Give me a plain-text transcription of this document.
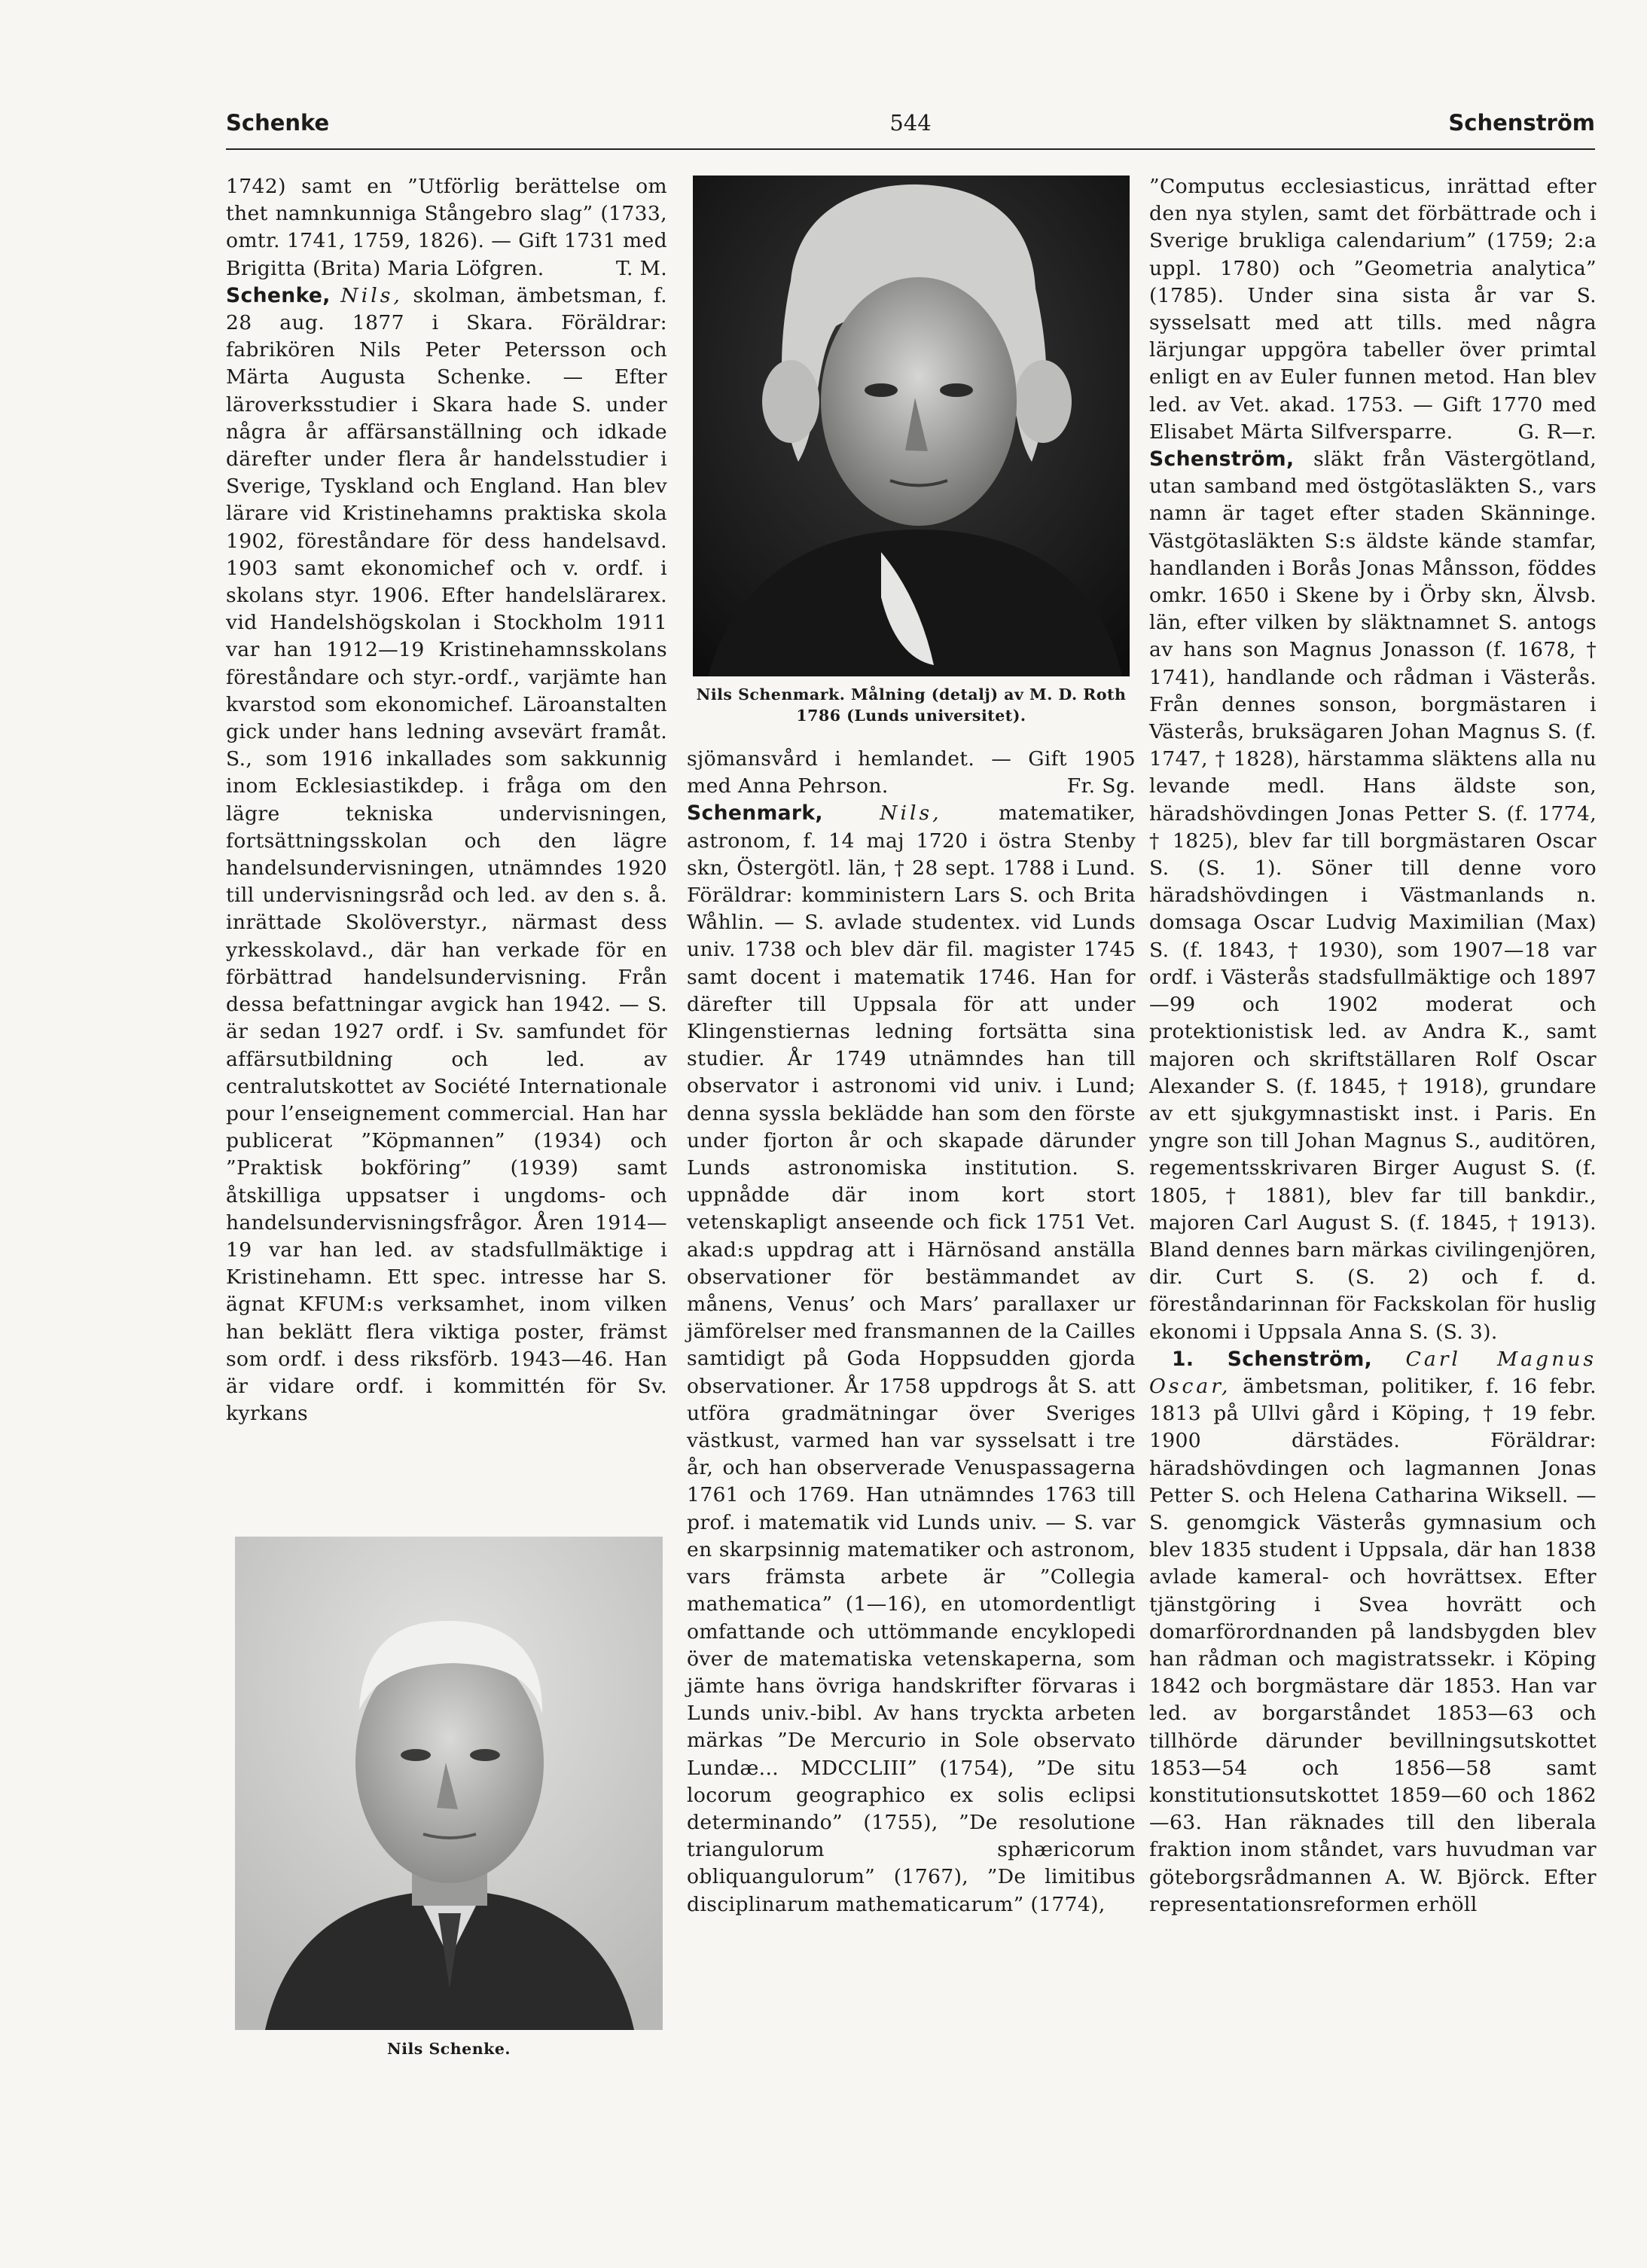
544
Schenke	Schenström

1742) samt en ”Utförlig berättelse om thet namnkunniga Stångebro slag” (1733, omtr. 1741, 1759, 1826). — Gift 1731 med Brigitta (Brita) Maria Löfgren.	T. M.

Schenke, Nils, skolman, ämbetsman, f. 28 aug. 1877 i Skara. Föräldrar: fabrikören Nils Peter Petersson och Märta Augusta Schenke. — Efter läroverksstudier i Skara hade S. under några år affärsanställning och idkade därefter under flera år handelsstudier i Sverige, Tyskland och England. Han blev lärare vid Kristinehamns praktiska skola 1902, föreståndare för dess handelsavd. 1903 samt ekonomichef och v. ordf. i skolans styr. 1906. Efter handelslärarex. vid Handelshögskolan i Stockholm 1911 var han 1912—19 Kristinehamnsskolans föreståndare och styr.-ordf., varjämte han kvarstod som ekonomichef. Läroanstalten gick under hans ledning avsevärt framåt. S., som 1916 inkallades som sakkunnig inom Ecklesiastikdep. i fråga om den lägre tekniska undervisningen, fortsättningsskolan och den lägre handelsundervisningen, utnämndes 1920 till undervisningsråd och led. av den s. å. inrättade Skolöverstyr., närmast dess yrkesskolavd., där han verkade för en förbättrad handelsundervisning. Från dessa befattningar avgick han 1942. — S. är sedan 1927 ordf. i Sv. samfundet för affärsutbildning och led. av centralutskottet av Société Internationale pour l’enseignement commercial. Han har publicerat ”Köpmannen” (1934) och ”Praktisk bokföring” (1939) samt åtskilliga uppsatser i ungdoms- och handelsundervisningsfrågor. Åren 1914—19 var han led. av stadsfullmäktige i Kristinehamn. Ett spec. intresse har S. ägnat KFUM:s verksamhet, inom vilken han beklätt flera viktiga poster, främst som ordf. i dess riksförb. 1943—46. Han är vidare ordf. i kommittén för Sv. kyrkans

Nils Schenke.
Nils Schenmark. Målning (detalj) av M. D. Roth 1786 (Lunds universitet).

sjömansvård i hemlandet. — Gift 1905 med Anna Pehrson.	Fr. Sg.

Schenmark,	Nils,	matematiker, astronom, f. 14 maj 1720 i östra Stenby skn, Östergötl. län, † 28 sept. 1788 i Lund. Föräldrar: komministern Lars S. och Brita Wåhlin. — S. avlade studentex. vid Lunds univ. 1738 och blev där fil. magister 1745 samt docent i matematik 1746. Han for därefter till Uppsala för att under Klingenstiernas ledning fortsätta sina studier. År 1749 utnämndes han till observator i astronomi vid univ. i Lund; denna syssla beklädde han som den förste under fjorton år och skapade därunder Lunds astronomiska institution. S. uppnådde där inom kort stort vetenskapligt anseende och fick 1751 Vet. akad:s uppdrag att i Härnösand anställa observationer för bestämmandet av månens, Venus’ och Mars’ parallaxer ur jämförelser med fransmannen de la Cailles samtidigt på Goda Hoppsudden gjorda observationer. År 1758 uppdrogs åt S. att utföra gradmätningar över Sveriges västkust, varmed han var sysselsatt i tre år, och han observerade Venuspassagerna 1761 och 1769. Han utnämndes 1763 till prof. i matematik vid Lunds univ. — S. var en skarpsinnig matematiker och astronom, vars främsta arbete är ”Collegia mathematica” (1—16), en utomordentligt omfattande och uttömmande encyklopedi över de matematiska vetenskaperna, som jämte hans övriga handskrifter förvaras i Lunds univ.-bibl. Av hans tryckta arbeten märkas ”De Mercurio in Sole observato Lundæ... MDCCLIII” (1754), ”De situ locorum geographico ex solis eclipsi determinando” (1755), ”De resolutione triangulorum sphæricorum obliquangulorum” (1767), ”De limitibus disciplinarum mathematicarum” (1774),

”Computus ecclesiasticus, inrättad efter den nya stylen, samt det förbättrade och i Sverige brukliga calendarium” (1759; 2:a uppl. 1780) och ”Geometria analytica” (1785). Under sina sista år var S. sysselsatt med att tills. med några lärjungar uppgöra tabeller över primtal enligt en av Euler funnen metod. Han blev led. av Vet. akad. 1753. — Gift 1770 med Elisabet Märta Silfversparre.	G. R—r.

Schenström, släkt från Västergötland, utan samband med östgötasläkten S., vars namn är taget efter staden Skänninge. Västgötasläkten S:s äldste kände stamfar, handlanden i Borås Jonas Månsson, föddes omkr. 1650 i Skene by i Örby skn, Älvsb. län, efter vilken by släktnamnet S. antogs av hans son Magnus Jonasson (f. 1678, † 1741), handlande och rådman i Västerås. Från dennes sonson, borgmästaren i Västerås, bruksägaren Johan Magnus S. (f. 1747, † 1828), härstamma släktens alla nu levande medl. Hans äldste son, häradshövdingen Jonas Petter S. (f. 1774, † 1825), blev far till borgmästaren Oscar S. (S. 1). Söner till denne voro häradshövdingen i Västmanlands n. domsaga Oscar Ludvig Maximilian (Max) S. (f. 1843, † 1930), som 1907—18 var ordf. i Västerås stadsfullmäktige och 1897—99 och 1902 moderat och protektionistisk led. av Andra K., samt majoren och skriftställaren Rolf Oscar Alexander S. (f. 1845, † 1918), grundare av ett sjukgymnastiskt inst. i Paris. En yngre son till Johan Magnus S., auditören, regementsskrivaren Birger August S. (f. 1805, † 1881), blev far till bankdir., majoren Carl August S. (f. 1845, † 1913). Bland dennes barn märkas civilingenjören, dir. Curt S. (S. 2) och f. d. föreståndarinnan för Fackskolan för huslig ekonomi i Uppsala Anna S. (S. 3).

1. Schenström, Carl Magnus Oscar, ämbetsman, politiker, f. 16 febr. 1813 på Ullvi gård i Köping, † 19 febr. 1900 därstädes. Föräldrar: häradshövdingen och lagmannen Jonas Petter S. och Helena Catharina Wiksell. — S. genomgick Västerås gymnasium och blev 1835 student i Uppsala, där han 1838 avlade kameral- och hovrättsex. Efter tjänstgöring i Svea hovrätt och domarförordnanden på landsbygden blev han rådman och magistratssekr. i Köping 1842 och borgmästare där 1853. Han var led. av borgarståndet 1853—63 och tillhörde därunder bevillningsutskottet 1853—54 och 1856—58 samt konstitutionsutskottet 1859—60 och 1862—63. Han räknades till den liberala fraktion inom ståndet, vars huvudman var göteborgsrådmannen A. W. Björck. Efter representationsreformen erhöll
